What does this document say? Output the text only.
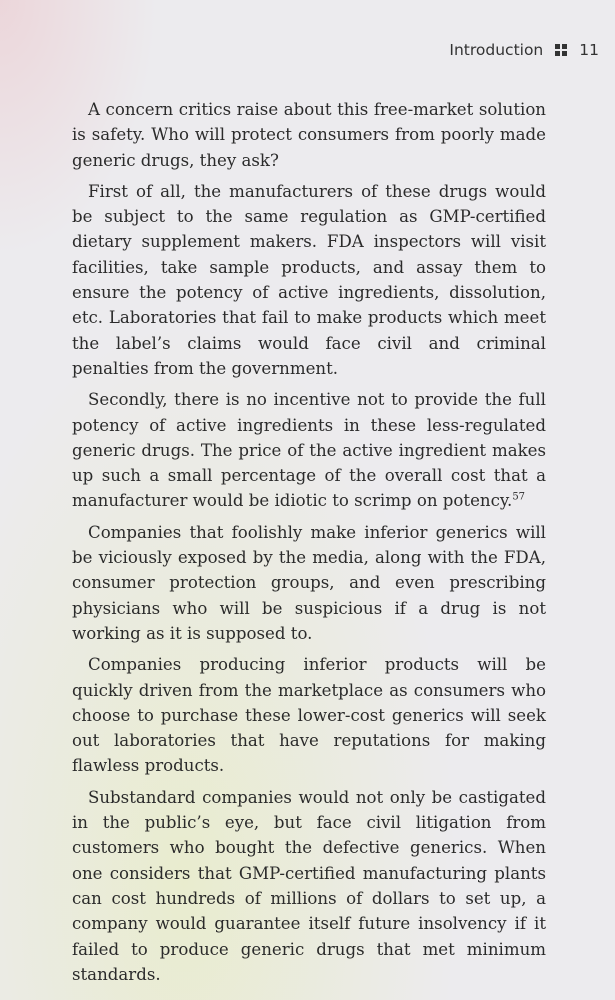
Introduction 11

A concern critics raise about this free-market solution is safety. Who will protect consumers from poorly made generic drugs, they ask?

First of all, the manufacturers of these drugs would be subject to the same regulation as GMP-certified dietary supplement makers. FDA inspectors will visit facilities, take sample products, and assay them to ensure the potency of active ingredients, dissolution, etc. Laboratories that fail to make products which meet the label’s claims would face civil and criminal penalties from the government.

Secondly, there is no incentive not to provide the full potency of active ingredients in these less-regulated generic drugs. The price of the active ingredient makes up such a small percentage of the overall cost that a manufacturer would be idiotic to scrimp on potency.$^{57}$

Companies that foolishly make inferior generics will be viciously exposed by the media, along with the FDA, consumer protection groups, and even prescribing physicians who will be suspicious if a drug is not working as it is supposed to.

Companies producing inferior products will be quickly driven from the marketplace as consumers who choose to purchase these lower-cost generics will seek out laboratories that have reputations for making flawless products.

Substandard companies would not only be castigated in the public’s eye, but face civil litigation from customers who bought the defective generics. When one considers that GMP-certified manufacturing plants can cost hundreds of millions of dollars to set up, a company would guarantee itself future insolvency if it failed to produce generic drugs that met minimum standards.
